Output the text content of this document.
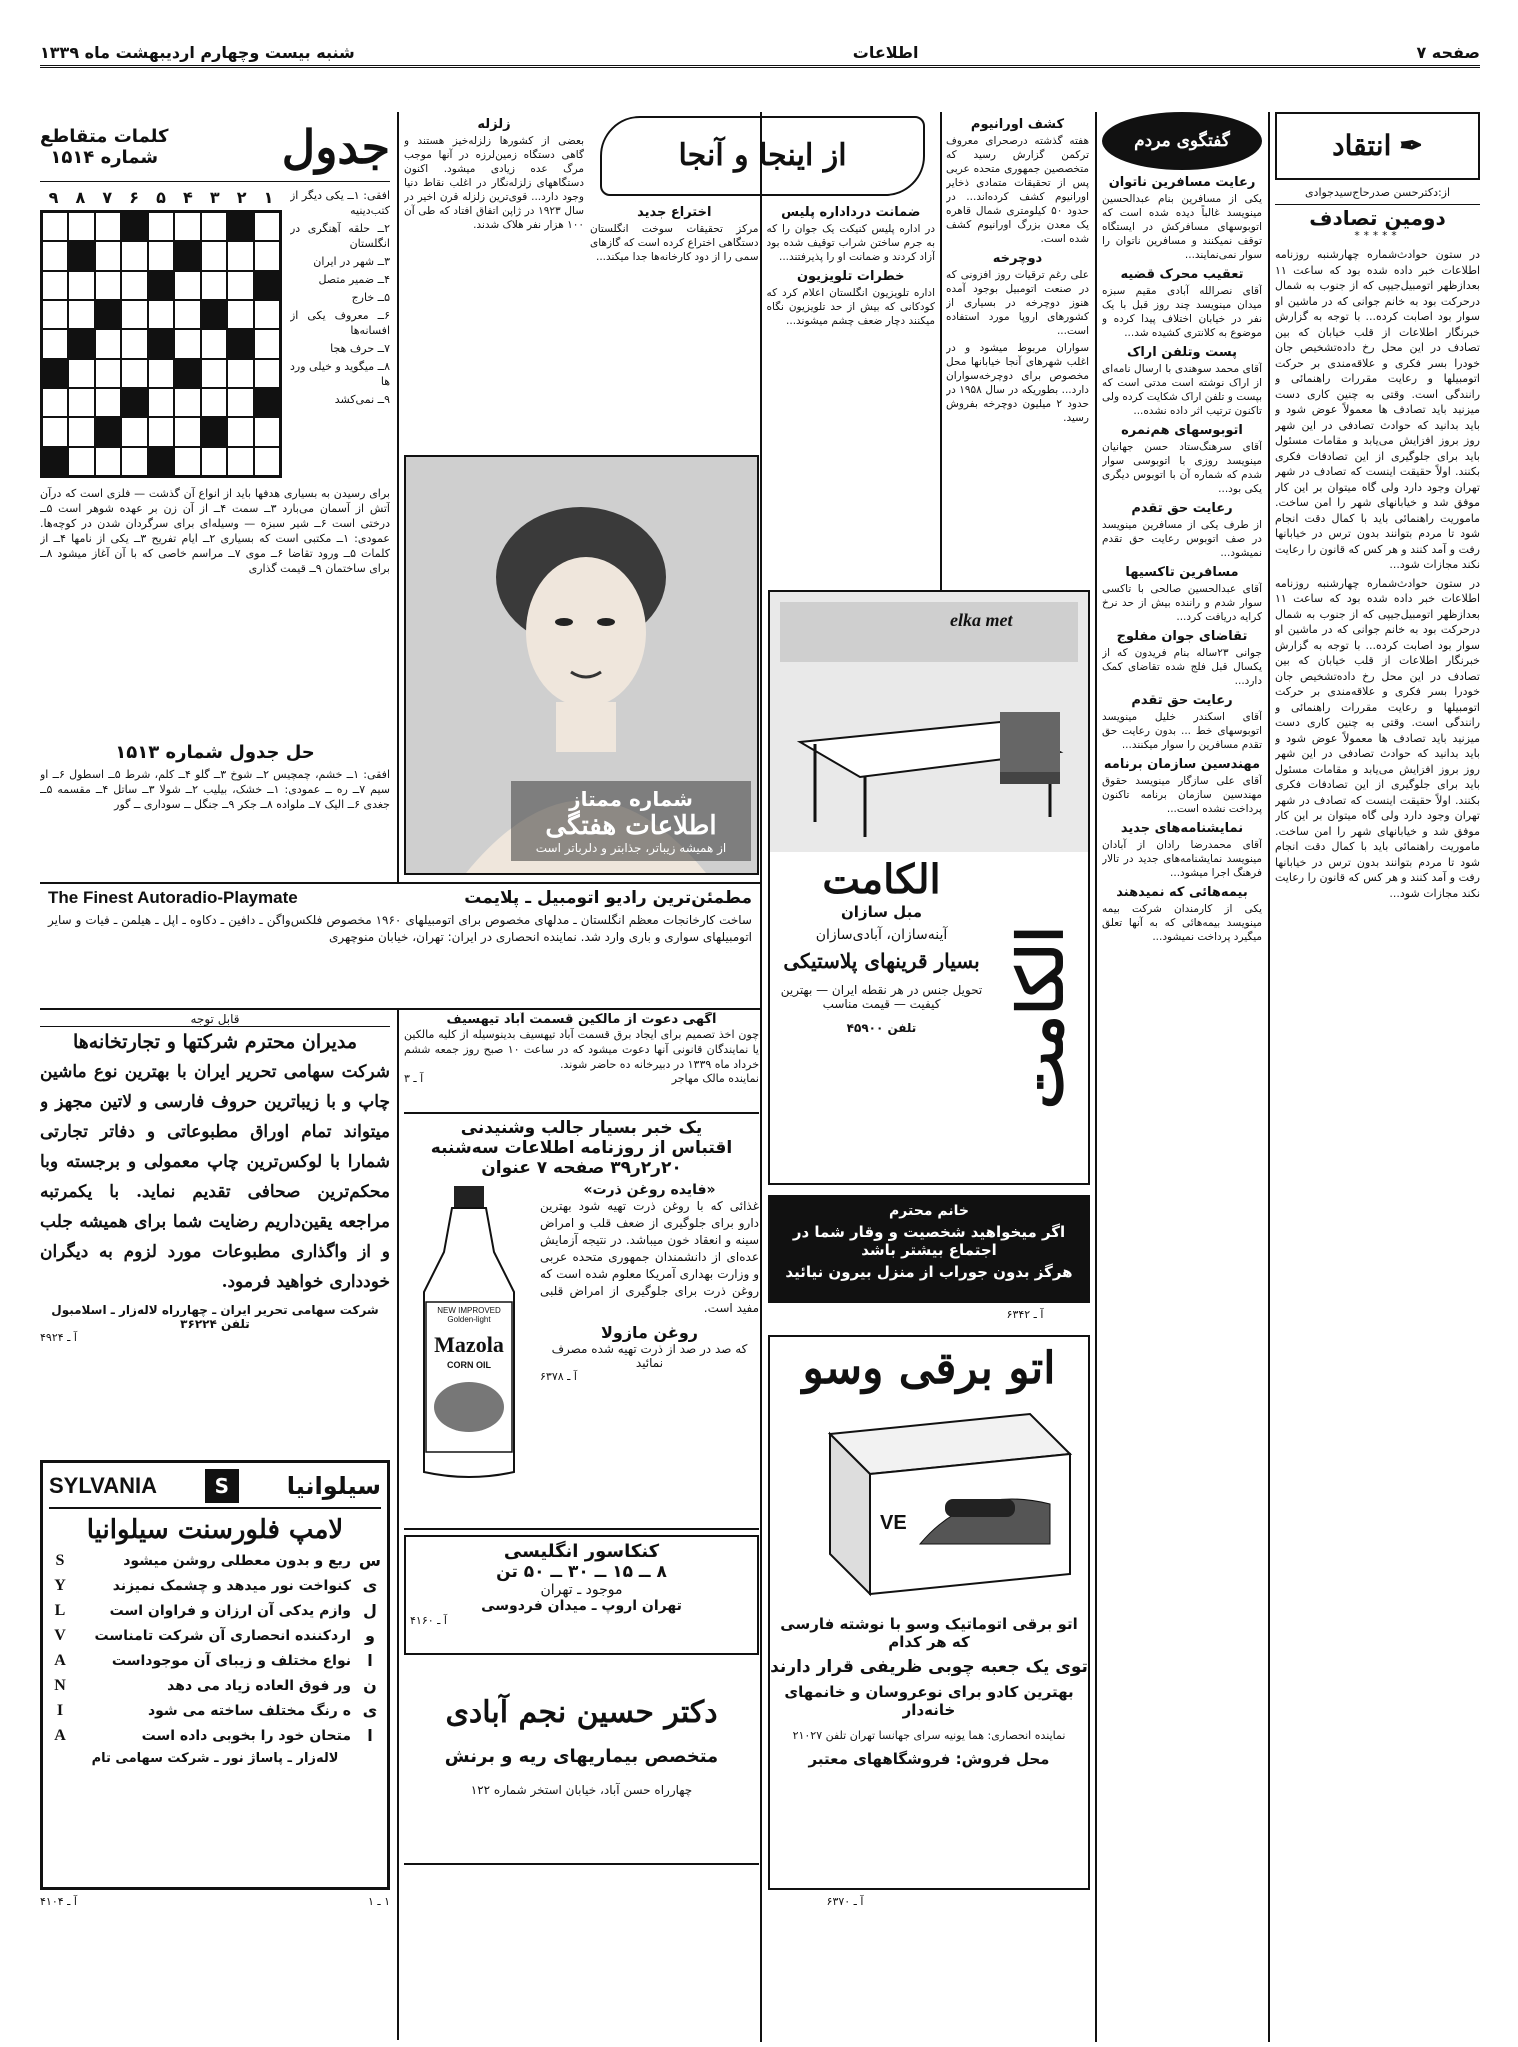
صفحه ۷
اطلاعات
شنبه بیست وچهارم اردیبهشت ماه ۱۳۳۹
✒
انتقاد
از:دکترحسن صدرحاج‌سیدجوادی
دومین تصادف
*****

در ستون حوادث‌شماره چهارشنبه روزنامه اطلاعات خبر داده شده بود که ساعت ۱۱ بعدازظهر اتومبیل‌جیپی که از جنوب به شمال درحرکت بود به خانم جوانی که در ماشین او سوار بود اصابت کرده... با توجه به گزارش خبرنگار اطلاعات از قلب خیابان که بین تصادف در این محل رخ داده‌تشخیص جان خودرا بسر فکری و علاقه‌مندی بر حرکت اتومبیلها و رعایت مقررات راهنمائی و رانندگی است. وقتی به چنین کاری دست میزنید باید تصادف ها معمولاً عوض شود و باید بدانید که حوادث تصادفی در این شهر روز بروز افزایش می‌یابد و مقامات مسئول باید برای جلوگیری از این تصادفات فکری بکنند. اولاً حقیقت اینست که تصادف در شهر تهران وجود دارد ولی گاه میتوان بر این کار موفق شد و خیابانهای شهر را امن ساخت. ماموریت راهنمائی باید با کمال دقت انجام شود تا مردم بتوانند بدون ترس در خیابانها رفت و آمد کنند و هر کس که قانون را رعایت نکند مجازات شود...

در ستون حوادث‌شماره چهارشنبه روزنامه اطلاعات خبر داده شده بود که ساعت ۱۱ بعدازظهر اتومبیل‌جیپی که از جنوب به شمال درحرکت بود به خانم جوانی که در ماشین او سوار بود اصابت کرده... با توجه به گزارش خبرنگار اطلاعات از قلب خیابان که بین تصادف در این محل رخ داده‌تشخیص جان خودرا بسر فکری و علاقه‌مندی بر حرکت اتومبیلها و رعایت مقررات راهنمائی و رانندگی است. وقتی به چنین کاری دست میزنید باید تصادف ها معمولاً عوض شود و باید بدانید که حوادث تصادفی در این شهر روز بروز افزایش می‌یابد و مقامات مسئول باید برای جلوگیری از این تصادفات فکری بکنند. اولاً حقیقت اینست که تصادف در شهر تهران وجود دارد ولی گاه میتوان بر این کار موفق شد و خیابانهای شهر را امن ساخت. ماموریت راهنمائی باید با کمال دقت انجام شود تا مردم بتوانند بدون ترس در خیابانها رفت و آمد کنند و هر کس که قانون را رعایت نکند مجازات شود...

گفتگوی مردم
رعایت مسافرین ناتوان

یکی از مسافرین بنام عبدالحسین مینویسد غالباً دیده شده است که اتوبوسهای مسافرکش در ایستگاه توقف نمیکنند و مسافرین ناتوان را سوار نمی‌نمایند...

تعقیب محرک قضیه

آقای نصرالله آبادی مقیم سبزه میدان مینویسد چند روز قبل با یک نفر در خیابان اختلاف پیدا کرده و موضوع به کلانتری کشیده شد...

پست وتلفن اراک

آقای محمد سوهندی با ارسال نامه‌ای از اراک نوشته است مدتی است که بپست و تلفن اراک شکایت کرده ولی تاکنون ترتیب اثر داده نشده...

اتوبوسهای هم‌نمره

آقای سرهنگ‌ستاد حسن جهانیان مینویسد روزی با اتوبوسی سوار شدم که شماره آن با اتوبوس دیگری یکی بود...

رعایت حق تقدم

از طرف یکی از مسافرین مینویسد در صف اتوبوس رعایت حق تقدم نمیشود...

مسافرین تاکسیها

آقای عبدالحسین صالحی با تاکسی سوار شدم و راننده بیش از حد نرخ کرایه دریافت کرد...

تقاضای جوان مفلوج

جوانی ۲۳ساله بنام فریدون که از یکسال قبل فلج شده تقاضای کمک دارد...

رعایت حق تقدم

آقای اسکندر خلیل مینویسد اتوبوسهای خط ... بدون رعایت حق تقدم مسافرین را سوار میکنند...

مهندسین سازمان برنامه

آقای علی سازگار مینویسد حقوق مهندسین سازمان برنامه تاکنون پرداخت نشده است...

نمایشنامه‌های جدید

آقای محمدرضا رادان از آبادان مینویسد نمایشنامه‌های جدید در تالار فرهنگ اجرا میشود...

بیمه‌هائی که نمیدهند

یکی از کارمندان شرکت بیمه مینویسد بیمه‌هائی که به آنها تعلق میگیرد پرداخت نمیشود...

کشف اورانیوم

هفته گذشته درصحرای معروف ترکمن گزارش رسید که متخصصین جمهوری متحده عربی پس از تحقیقات متمادی ذخایر اورانیوم کشف کرده‌اند... در حدود ۵۰ کیلومتری شمال قاهره یک معدن بزرگ اورانیوم کشف شده است.

دوچرخه

علی رغم ترقیات روز افزونی که در صنعت اتومبیل بوجود آمده هنوز دوچرخه در بسیاری از کشورهای اروپا مورد استفاده است...

سواران مربوط میشود و در اغلب شهرهای آنجا خیابانها محل مخصوص برای دوچرخه‌سواران دارد... بطوریکه در سال ۱۹۵۸ در حدود ۲ میلیون دوچرخه بفروش رسید.

از اینجا و آنجا
ضمانت درداداره پلیس

در اداره پلیس کنیکت یک جوان را که به جرم ساختن شراب توقیف شده بود آزاد کردند و ضمانت او را پذیرفتند...

خطرات تلویزیون

اداره تلویزیون انگلستان اعلام کرد که کودکانی که بیش از حد تلویزیون نگاه میکنند دچار ضعف چشم میشوند...

اختراع جدید

مرکز تحقیقات سوخت انگلستان دستگاهی اختراع کرده است که گازهای سمی را از دود کارخانه‌ها جدا میکند...

زلزله

بعضی از کشورها زلزله‌خیز هستند و گاهی دستگاه زمین‌لرزه در آنها موجب مرگ عده زیادی میشود. اکنون دستگاههای زلزله‌نگار در اغلب نقاط دنیا وجود دارد... قوی‌ترین زلزله قرن اخیر در سال ۱۹۲۳ در ژاپن اتفاق افتاد که طی آن ۱۰۰ هزار نفر هلاک شدند.

شماره ممتاز
اطلاعات هفتگی
از همیشه زیباتر، جذابتر و دلرباتر است
جدول
کلمات متقاطع
شماره ۱۵۱۴

افقی: ۱ــ یکی دیگر از کتب‌دینیه

۲ــ حلقه آهنگری در انگلستان

۳ــ شهر در ایران

۴ــ ضمیر متصل

۵ــ خارج

۶ــ معروف یکی از افسانه‌ها

۷ــ حرف هجا

۸ــ میگوید و خیلی ورد ها

۹ــ نمی‌کشد

۱
۲
۳
۴
۵
۶
۷
۸
۹

برای رسیدن به بسیاری هدفها باید از انواع آن گذشت — فلزی است که درآن آتش از آسمان می‌بارد ۳ــ سمت ۴ــ از آن زن بر عهده شوهر است ۵ــ درختی است ۶ــ شیر سبزه — وسیله‌ای برای سرگردان شدن در کوچه‌ها. عمودی: ۱ــ مکتبی است که بسیاری ۲ــ ایام تفریح ۳ــ یکی از نامها ۴ــ از کلمات ۵ــ ورود تقاضا ۶ــ موی ۷ــ مراسم خاصی که با آن آغاز میشود ۸ــ برای ساختمان ۹ــ قیمت گذاری

حل جدول شماره ۱۵۱۳

افقی: ۱ــ خشم، چمچیس ۲ــ شوخ ۳ــ گلو ۴ــ کلم، شرط ۵ــ اسطول ۶ــ او سیم ۷ــ ره ــ عمودی: ۱ــ خشک، بیلیب ۲ــ شولا ۳ــ ساتل ۴ــ مقسمه ۵ــ جغدی ۶ــ الیک ۷ــ ملواده ۸ــ جکر ۹ــ جنگل ــ سوداری ــ گور

مطمئن‌ترین رادیو اتومبیل ـ پلایمت
The Finest Autoradio-Playmate

ساخت کارخانجات معظم انگلستان ـ مدلهای مخصوص برای اتومبیلهای ۱۹۶۰ مخصوص فلکس‌واگن ـ دافین ـ دکاوه ـ اپل ـ هیلمن ـ فیات و سایر اتومبیلهای سواری و باری وارد شد. نماینده انحصاری در ایران: تهران، خیابان منوچهری

قابل توجه
مدیران محترم شرکتها و تجارتخانه‌ها

شرکت سهامی تحریر ایران با بهترین نوع ماشین چاپ و با زیباترین حروف فارسی و لاتین مجهز و میتواند تمام اوراق مطبوعاتی و دفاتر تجارتی شمارا با لوکس‌ترین چاپ معمولی و برجسته وبا محکم‌ترین صحافی تقدیم نماید. با یکمرتبه مراجعه یقین‌داریم رضایت شما برای همیشه جلب و از واگذاری مطبوعات مورد لزوم به دیگران خودداری خواهید فرمود.

شرکت سهامی تحریر ایران ـ چهارراه لاله‌زار ـ اسلامبول تلفن ۳۶۲۲۴
آ ـ ۴۹۲۴
آگهی دعوت از مالکین قسمت آباد تیهسیف

چون اخذ تصمیم برای ایجاد برق قسمت آباد تیهسیف بدینوسیله از کلیه مالکین یا نمایندگان قانونی آنها دعوت میشود که در ساعت ۱۰ صبح روز جمعه ششم خرداد ماه ۱۳۳۹ در دبیرخانه ده حاضر شوند.

نماینده مالک مهاجر
آ ـ ۳
یک خبر بسیار جالب وشنیدنی
اقتباس از روزنامه اطلاعات سه‌شنبه
۲۰ر۲ر۳۹ صفحه ۷ عنوان
«فایده روغن ذرت»

غذائی که با روغن ذرت تهیه شود بهترین دارو برای جلوگیری از ضعف قلب و امراض سینه و انعقاد خون میباشد. در نتیجه آزمایش عده‌ای از دانشمندان جمهوری متحده عربی و وزارت بهداری آمریکا معلوم شده است که روغن ذرت برای جلوگیری از امراض قلبی مفید است.

روغن مازولا
که صد در صد از ذرت تهیه شده مصرف نمائید
آ ـ ۶۳۷۸
NEW IMPROVED Golden-light
Mazola
CORN OIL
کنکاسور انگلیسی
۸ ــ ۱۵ ــ ۳۰ ــ ۵۰ تن
موجود ـ تهران
تهران اروپ ـ میدان فردوسی
آ ـ ۴۱۶۰
دکتر حسین نجم آبادی
متخصص بیماریهای ریه و برنش
چهارراه حسن آباد، خیابان استخر شماره ۱۲۲
elka met
الکامت
الکامت
مبل سازان
آینه‌سازان، آبادی‌سازان
بسیار قرینهای پلاستیکی
تحویل جنس در هر نقطه ایران — بهترین کیفیت — قیمت مناسب
تلفن ۴۵۹۰۰
خانم محترم
اگر میخواهید شخصیت و وقار شما در اجتماع بیشتر باشد
هرگز بدون جوراب از منزل بیرون نیائید
آ ـ ۶۳۴۲
اتو برقی وسو
VE
اتو برقی اتوماتیک وسو با نوشته فارسی که هر کدام
توی یک جعبه چوبی ظریفی قرار دارند
بهترین کادو برای نوعروسان و خانمهای خانه‌دار
نماینده انحصاری: هما یونیه سرای جهانسا تهران تلفن ۲۱۰۲۷
محل فروش: فروشگاههای معتبر
آ ـ ۶۳۷۰
سیلوانیا
S
SYLVANIA
لامپ فلورسنت سیلوانیا
س
ریع و بدون معطلی روشن میشود
S
ی
کنواخت نور میدهد و چشمک نمیزند
Y
ل
وازم یدکی آن ارزان و فراوان است
L
و
اردکننده انحصاری آن شرکت تامناست
V
ا
نواع مختلف و زیبای آن موجوداست
A
ن
ور فوق العاده زیاد می دهد
N
ی
ه رنگ مختلف ساخته می شود
I
ا
متحان خود را بخوبی داده است
A
لاله‌زار ـ پاساژ نور ـ شرکت سهامی تام
۱ ـ ۱
آ ـ ۴۱۰۴
